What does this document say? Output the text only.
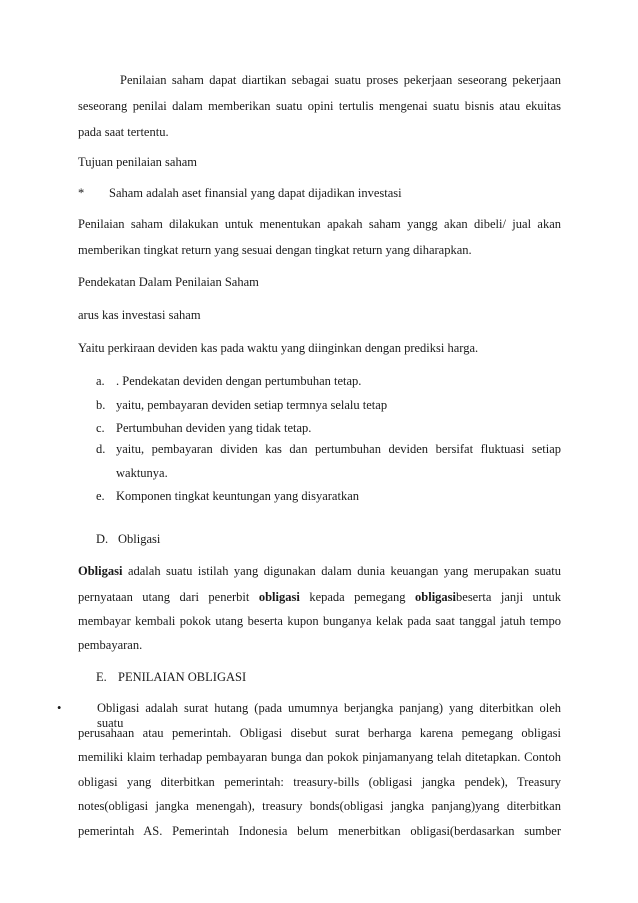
Penilaian saham dapat diartikan sebagai suatu proses pekerjaan seseorang pekerjaan
seseorang penilai dalam memberikan suatu opini tertulis mengenai suatu bisnis atau ekuitas
pada saat tertentu.
Tujuan penilaian saham
* Saham adalah aset finansial yang dapat dijadikan investasi
Penilaian saham dilakukan untuk menentukan apakah saham yangg akan dibeli/ jual akan
memberikan tingkat return yang sesuai dengan tingkat return yang diharapkan.
Pendekatan Dalam Penilaian Saham
arus kas investasi saham
Yaitu perkiraan deviden kas pada waktu yang diinginkan dengan prediksi harga.
a. . Pendekatan deviden dengan pertumbuhan tetap.
b. yaitu, pembayaran deviden setiap termnya selalu tetap
c. Pertumbuhan deviden yang tidak tetap.
d. yaitu, pembayaran dividen kas dan pertumbuhan deviden bersifat fluktuasi setiap
waktunya.
e. Komponen tingkat keuntungan yang disyaratkan
D. Obligasi
Obligasi adalah suatu istilah yang digunakan dalam dunia keuangan yang merupakan suatu
pernyataan utang dari penerbit obligasi kepada pemegang obligasibeserta janji untuk
membayar kembali pokok utang beserta kupon bunganya kelak pada saat tanggal jatuh tempo
pembayaran.
E. PENILAIAN OBLIGASI
•	Obligasi adalah surat hutang (pada umumnya berjangka panjang) yang diterbitkan oleh suatu
perusahaan atau pemerintah. Obligasi disebut surat berharga karena pemegang obligasi
memiliki klaim terhadap pembayaran bunga dan pokok pinjamanyang telah ditetapkan. Contoh
obligasi yang diterbitkan pemerintah: treasury-bills (obligasi jangka pendek), Treasury
notes(obligasi jangka menengah), treasury bonds(obligasi jangka panjang)yang diterbitkan
pemerintah AS. Pemerintah Indonesia belum menerbitkan obligasi(berdasarkan sumber
